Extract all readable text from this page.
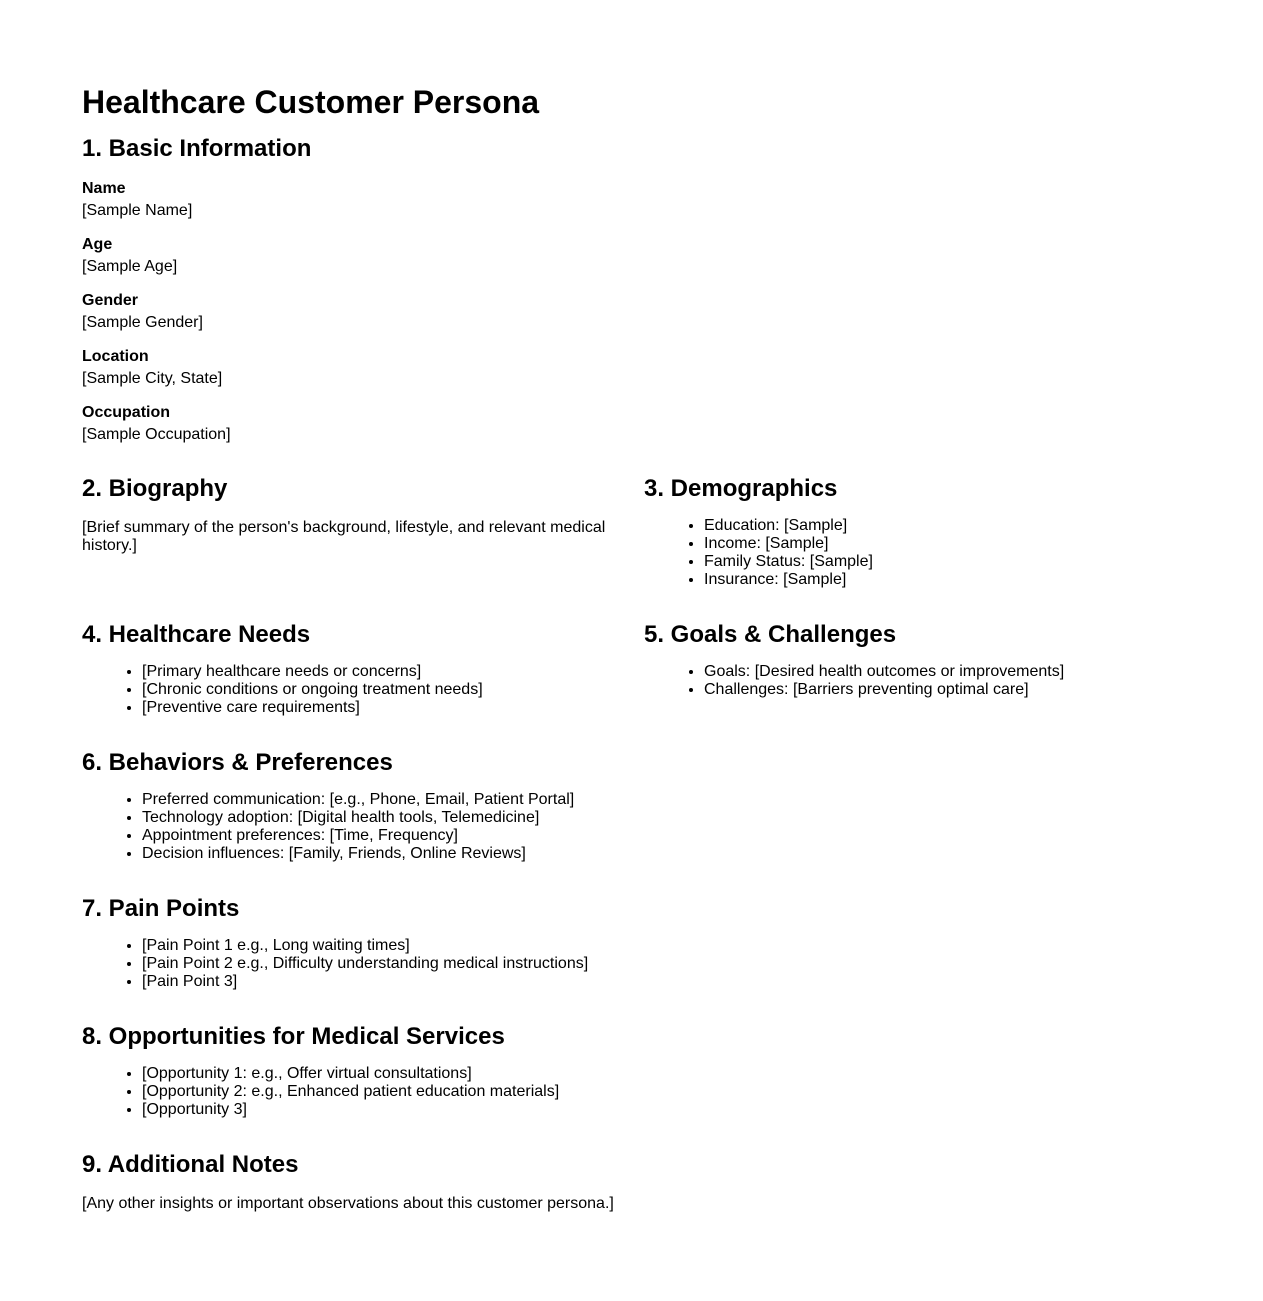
Healthcare Customer Persona
1. Basic Information
Name
[Sample Name]
Age
[Sample Age]
Gender
[Sample Gender]
Location
[Sample City, State]
Occupation
[Sample Occupation]
2. Biography

[Brief summary of the person's background, lifestyle, and relevant medical history.]

3. Demographics
• Education: [Sample]
• Income: [Sample]
• Family Status: [Sample]
• Insurance: [Sample]
4. Healthcare Needs
• [Primary healthcare needs or concerns]
• [Chronic conditions or ongoing treatment needs]
• [Preventive care requirements]
5. Goals & Challenges
• Goals: [Desired health outcomes or improvements]
• Challenges: [Barriers preventing optimal care]
6. Behaviors & Preferences
• Preferred communication: [e.g., Phone, Email, Patient Portal]
• Technology adoption: [Digital health tools, Telemedicine]
• Appointment preferences: [Time, Frequency]
• Decision influences: [Family, Friends, Online Reviews]
7. Pain Points
• [Pain Point 1 e.g., Long waiting times]
• [Pain Point 2 e.g., Difficulty understanding medical instructions]
• [Pain Point 3]
8. Opportunities for Medical Services
• [Opportunity 1: e.g., Offer virtual consultations]
• [Opportunity 2: e.g., Enhanced patient education materials]
• [Opportunity 3]
9. Additional Notes

[Any other insights or important observations about this customer persona.]
